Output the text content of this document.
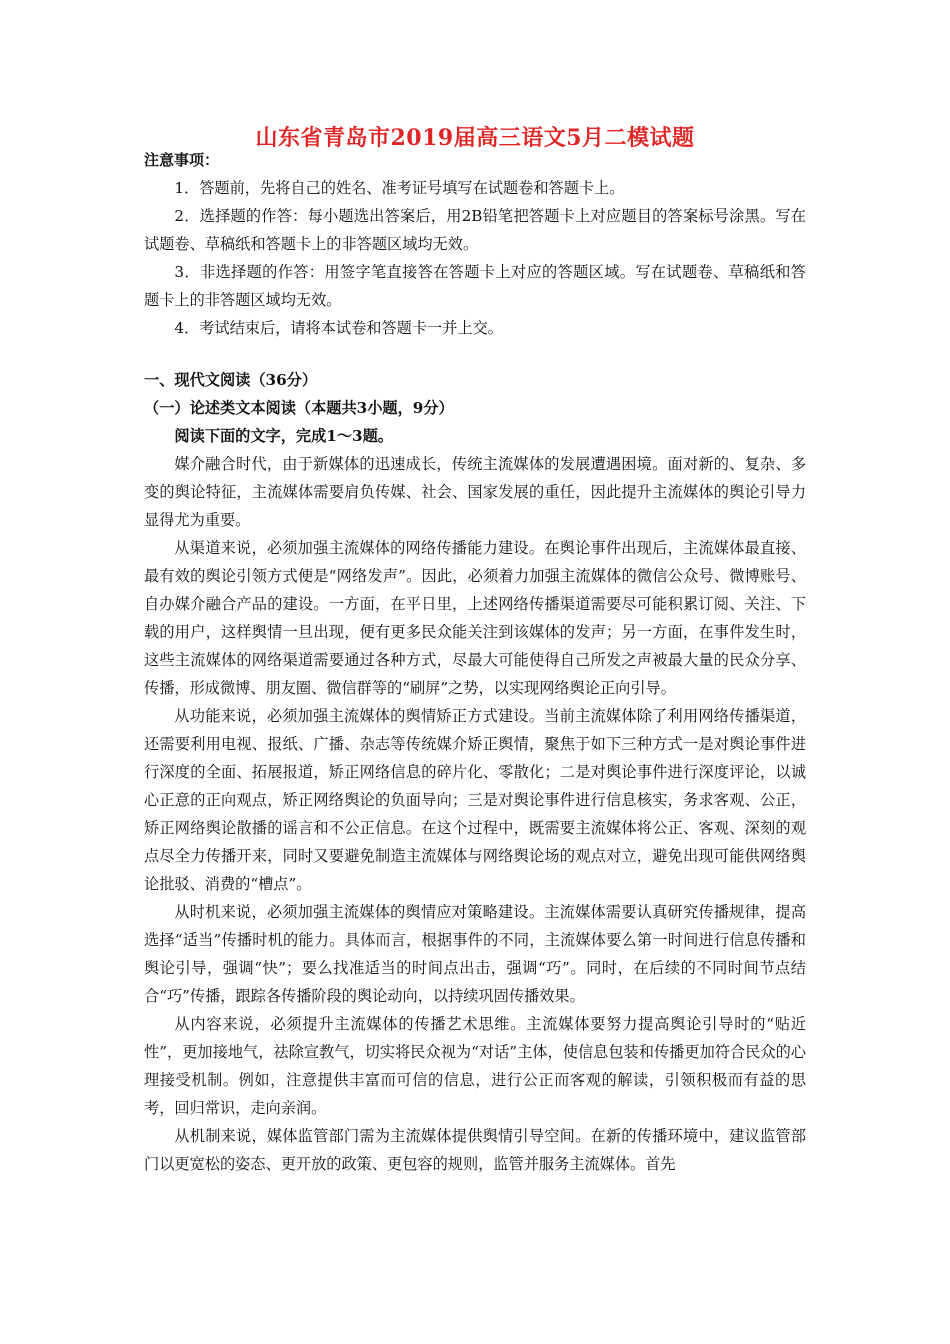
山东省青岛市2019届高三语文5月二模试题
注意事项：

1．答题前，先将自己的姓名、准考证号填写在试题卷和答题卡上。

2．选择题的作答：每小题选出答案后，用2B铅笔把答题卡上对应题目的答案标号涂黑。写在试题卷、草稿纸和答题卡上的非答题区域均无效。

3．非选择题的作答：用签字笔直接答在答题卡上对应的答题区域。写在试题卷、草稿纸和答题卡上的非答题区域均无效。

4．考试结束后，请将本试卷和答题卡一并上交。

一、现代文阅读（36分）

（一）论述类文本阅读（本题共3小题，9分）

阅读下面的文字，完成1～3题。

媒介融合时代，由于新媒体的迅速成长，传统主流媒体的发展遭遇困境。面对新的、复杂、多变的舆论特征，主流媒体需要肩负传媒、社会、国家发展的重任，因此提升主流媒体的舆论引导力显得尤为重要。

从渠道来说，必须加强主流媒体的网络传播能力建设。在舆论事件出现后，主流媒体最直接、最有效的舆论引领方式便是“网络发声”。因此，必须着力加强主流媒体的微信公众号、微博账号、自办媒介融合产品的建设。一方面，在平日里，上述网络传播渠道需要尽可能积累订阅、关注、下载的用户，这样舆情一旦出现，便有更多民众能关注到该媒体的发声；另一方面，在事件发生时，这些主流媒体的网络渠道需要通过各种方式，尽最大可能使得自己所发之声被最大量的民众分享、传播，形成微博、朋友圈、微信群等的“刷屏”之势，以实现网络舆论正向引导。

从功能来说，必须加强主流媒体的舆情矫正方式建设。当前主流媒体除了利用网络传播渠道，还需要利用电视、报纸、广播、杂志等传统媒介矫正舆情，聚焦于如下三种方式一是对舆论事件进行深度的全面、拓展报道，矫正网络信息的碎片化、零散化；二是对舆论事件进行深度评论，以诚心正意的正向观点，矫正网络舆论的负面导向；三是对舆论事件进行信息核实，务求客观、公正，矫正网络舆论散播的谣言和不公正信息。在这个过程中，既需要主流媒体将公正、客观、深刻的观点尽全力传播开来，同时又要避免制造主流媒体与网络舆论场的观点对立，避免出现可能供网络舆论批驳、消费的“槽点”。

从时机来说，必须加强主流媒体的舆情应对策略建设。主流媒体需要认真研究传播规律，提高选择“适当”传播时机的能力。具体而言，根据事件的不同，主流媒体要么第一时间进行信息传播和舆论引导，强调“快”；要么找准适当的时间点出击，强调“巧”。同时，在后续的不同时间节点结合“巧”传播，跟踪各传播阶段的舆论动向，以持续巩固传播效果。

从内容来说，必须提升主流媒体的传播艺术思维。主流媒体要努力提高舆论引导时的“贴近性”，更加接地气，祛除宣教气，切实将民众视为“对话”主体，使信息包装和传播更加符合民众的心理接受机制。例如，注意提供丰富而可信的信息，进行公正而客观的解读，引领积极而有益的思考，回归常识，走向亲润。

从机制来说，媒体监管部门需为主流媒体提供舆情引导空间。在新的传播环境中，建议监管部门以更宽松的姿态、更开放的政策、更包容的规则，监管并服务主流媒体。首先
